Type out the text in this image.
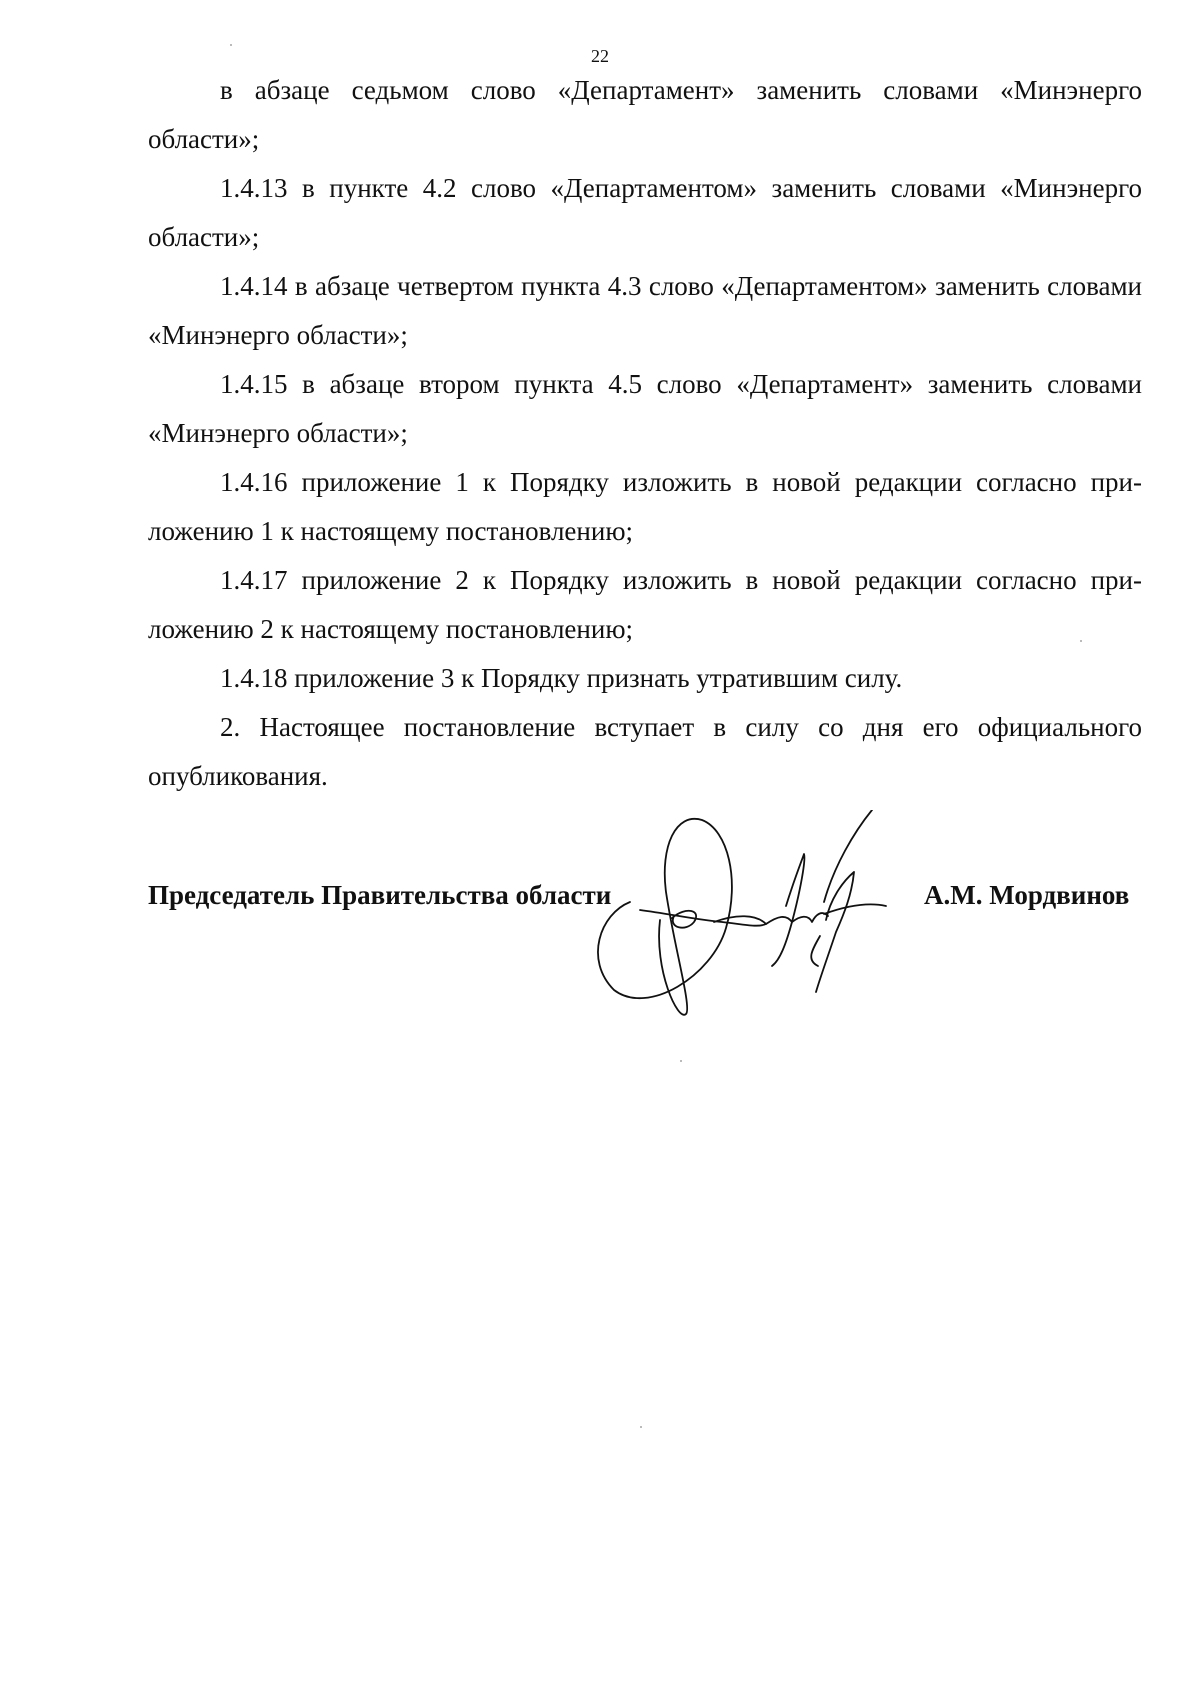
22

в абзаце седьмом слово «Департамент» заменить словами «Минэнерго области»;

1.4.13 в пункте 4.2 слово «Департаментом» заменить словами «Минэнерго области»;

1.4.14 в абзаце четвертом пункта 4.3 слово «Департаментом» заменить словами «Минэнерго области»;

1.4.15 в абзаце втором пункта 4.5 слово «Департамент» заменить словами «Минэнерго области»;

1.4.16 приложение 1 к Порядку изложить в новой редакции согласно при-ложению 1 к настоящему постановлению;

1.4.17 приложение 2 к Порядку изложить в новой редакции согласно при-ложению 2 к настоящему постановлению;

1.4.18 приложение 3 к Порядку признать утратившим силу.

2. Настоящее постановление вступает в силу со дня его официального опубликования.

Председатель Правительства области	А.М. Мордвинов
